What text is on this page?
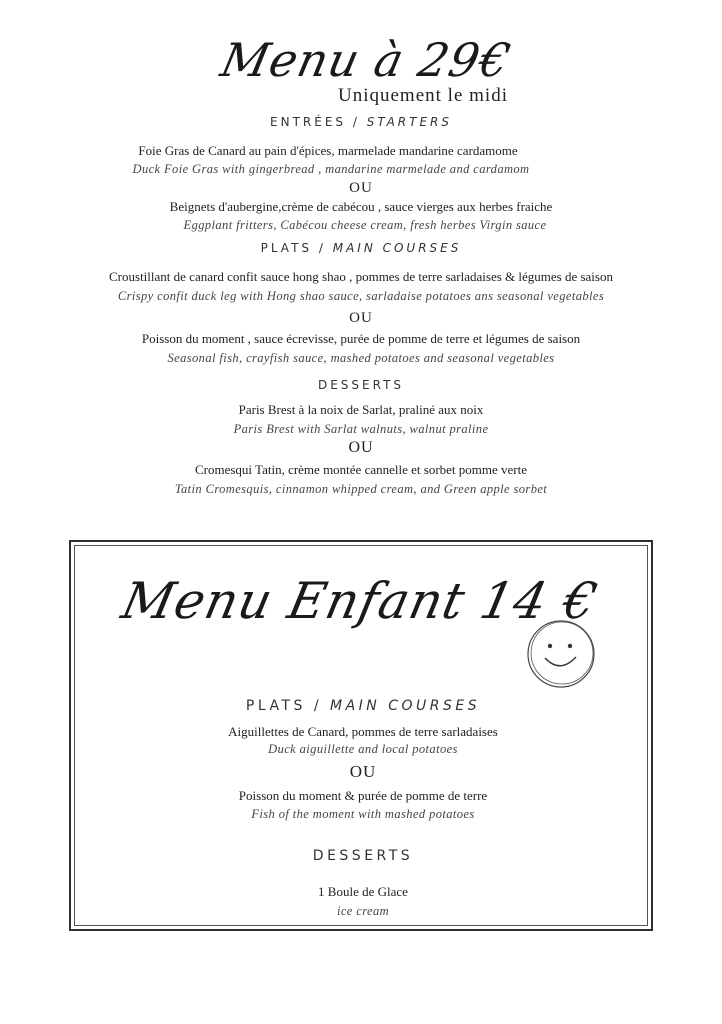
Menu à 29€
Uniquement le midi
ENTRÉES / STARTERS
Foie Gras de Canard au pain d'épices, marmelade mandarine cardamome
Duck Foie Gras with gingerbread , mandarine marmelade and cardamom
OU
Beignets d'aubergine,crème de cabécou , sauce vierges aux herbes fraiche
Eggplant fritters, Cabécou cheese cream, fresh herbes Virgin sauce
PLATS / MAIN COURSES
Croustillant de canard confit sauce hong shao , pommes de terre sarladaises & légumes de saison
Crispy confit duck leg with Hong shao sauce, sarladaise potatoes ans seasonal vegetables
OU
Poisson du moment , sauce écrevisse, purée de pomme de terre et légumes de saison
Seasonal fish, crayfish sauce, mashed potatoes and seasonal vegetables
DESSERTS
Paris Brest à la noix de Sarlat, praliné aux noix
Paris Brest with Sarlat walnuts, walnut praline
OU
Cromesqui Tatin, crème montée cannelle et sorbet pomme verte
Tatin Cromesquis, cinnamon whipped cream, and Green apple sorbet
Menu Enfant 14 €
PLATS / MAIN COURSES
Aiguillettes de Canard, pommes de terre sarladaises
Duck aiguillette and local potatoes
OU
Poisson du moment & purée de pomme de terre
Fish of the moment with mashed potatoes
DESSERTS
1 Boule de Glace
ice cream
